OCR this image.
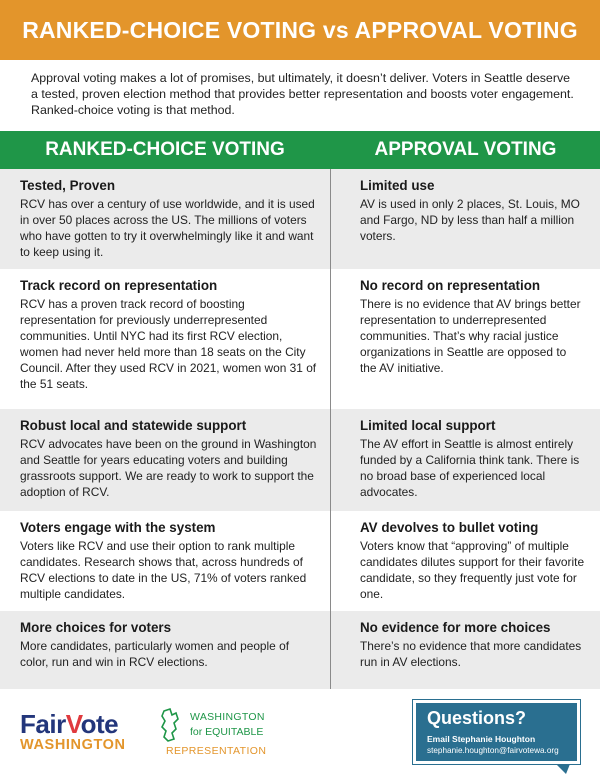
RANKED-CHOICE VOTING vs APPROVAL VOTING

Approval voting makes a lot of promises, but ultimately, it doesn’t deliver. Voters in Seattle deserve a tested, proven election method that provides better representation and boosts voter engagement. Ranked-choice voting is that method.

RANKED-CHOICE VOTING	APPROVAL VOTING
Tested, Proven
RCV has over a century of use worldwide, and it is used in over 50 places across the US. The millions of voters who have gotten to try it overwhelmingly like it and want to keep using it.
Limited use
AV is used in only 2 places, St. Louis, MO and Fargo, ND by less than half a million voters.
Track record on representation
RCV has a proven track record of boosting representation for previously underrepresented communities. Until NYC had its first RCV election, women had never held more than 18 seats on the City Council. After they used RCV in 2021, women won 31 of the 51 seats.
No record on representation
There is no evidence that AV brings better representation to underrepresented communities. That’s why racial justice organizations in Seattle are opposed to the AV initiative.
Robust local and statewide support
RCV advocates have been on the ground in Washington and Seattle for years educating voters and building grassroots support. We are ready to work to support the adoption of RCV.
Limited local support
The AV effort in Seattle is almost entirely funded by a California think tank. There is no broad base of experienced local advocates.
Voters engage with the system
Voters like RCV and use their option to rank multiple candidates. Research shows that, across hundreds of RCV elections to date in the US, 71% of voters ranked multiple candidates.
AV devolves to bullet voting
Voters know that “approving” of multiple candidates dilutes support for their favorite candidate, so they frequently just vote for one.
More choices for voters
More candidates, particularly women and people of color, run and win in RCV elections.
No evidence for more choices
There’s no evidence that more candidates run in AV elections.
FairVote
WASHINGTON
WASHINGTON
for EQUITABLE
REPRESENTATION
Questions?
Email Stephanie Houghton
stephanie.houghton@fairvotewa.org
